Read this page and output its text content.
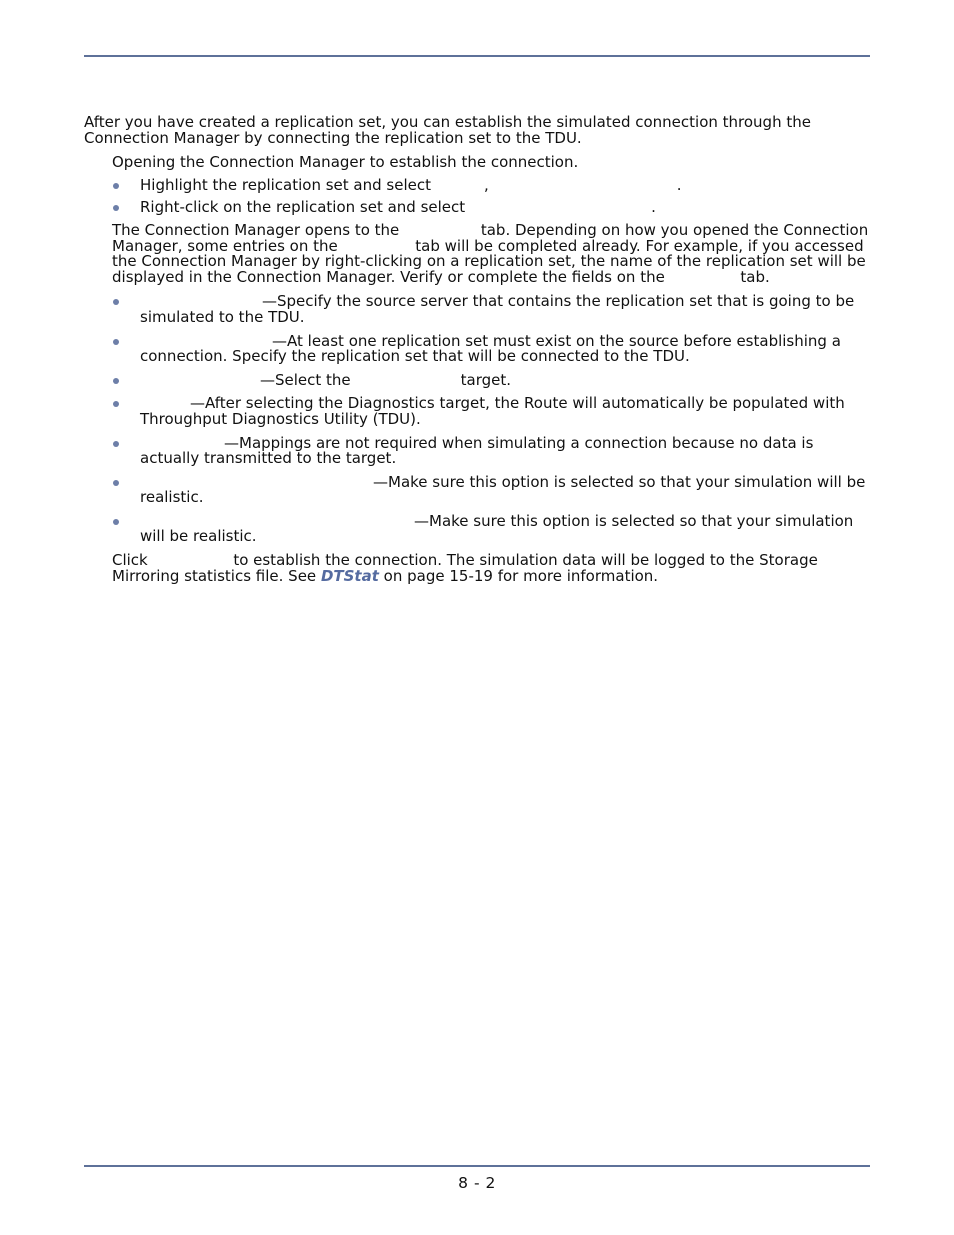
After you have created a replication set, you can establish the simulated connection through the Connection Manager by connecting the replication set to the TDU.

Opening the Connection Manager to establish the connection.

Highlight the replication set and select	,	.
Right-click on the replication set and select	.

The Connection Manager opens to the	tab. Depending on how you opened the Connection Manager, some entries on the	tab will be completed already. For example, if you accessed the Connection Manager by right-clicking on a replication set, the name of the replication set will be displayed in the Connection Manager. Verify or complete the fields on the	tab.

—Specify the source server that contains the replication set that is going to be simulated to the TDU.
—At least one replication set must exist on the source before establishing a connection. Specify the replication set that will be connected to the TDU.
—Select the	target.
—After selecting the Diagnostics target, the Route will automatically be populated with Throughput Diagnostics Utility (TDU).
—Mappings are not required when simulating a connection because no data is actually transmitted to the target.
—Make sure this option is selected so that your simulation will be realistic.
—Make sure this option is selected so that your simulation will be realistic.

Click	to establish the connection. The simulation data will be logged to the Storage Mirroring statistics file. See DTStat on page 15-19 for more information.

8 - 2
